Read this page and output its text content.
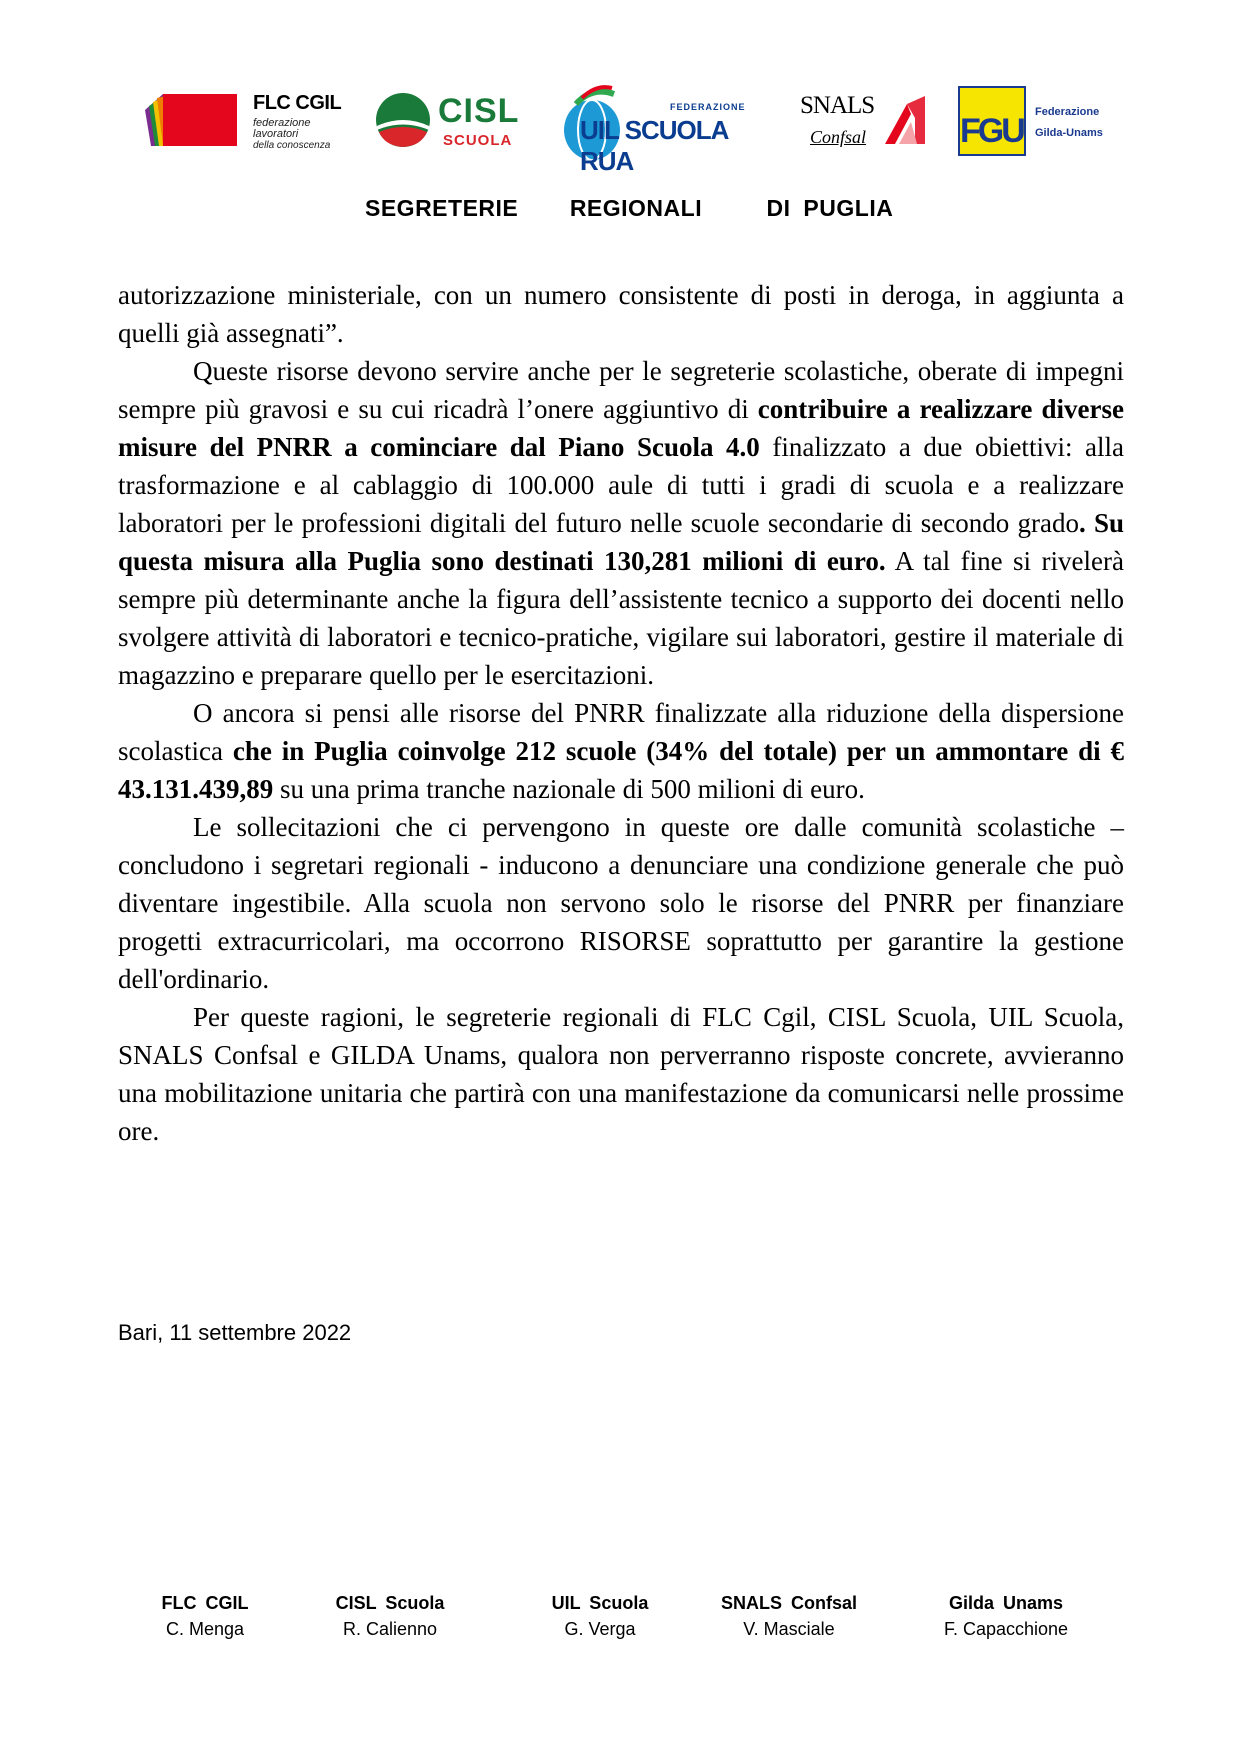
FLC CGIL
federazione
lavoratori
della conoscenza
CISL
SCUOLA
FEDERAZIONE
UIL SCUOLA RUA
SNALS
Confsal	FGU Federazione
Gilda-Unams
SEGRETERIE    REGIONALI     DI PUGLIA

autorizzazione ministeriale, con un numero consistente di posti in deroga, in aggiunta a quelli già assegnati”.

Queste risorse devono servire anche per le segreterie scolastiche, oberate di impegni sempre più gravosi e su cui ricadrà l’onere aggiuntivo di contribuire a realizzare diverse misure del PNRR a cominciare dal Piano Scuola 4.0 finalizzato a due obiettivi: alla trasformazione e al cablaggio di 100.000 aule di tutti i gradi di scuola e a realizzare laboratori per le professioni digitali del futuro nelle scuole secondarie di secondo grado. Su questa misura alla Puglia sono destinati 130,281 milioni di euro. A tal fine si rivelerà sempre più determinante anche la figura dell’assistente tecnico a supporto dei docenti nello svolgere attività di laboratori e tecnico-pratiche, vigilare sui laboratori, gestire il materiale di magazzino e preparare quello per le esercitazioni.

O ancora si pensi alle risorse del PNRR finalizzate alla riduzione della dispersione scolastica che in Puglia coinvolge 212 scuole (34% del totale) per un ammontare di € 43.131.439,89 su una prima tranche nazionale di 500 milioni di euro.

Le sollecitazioni che ci pervengono in queste ore dalle comunità scolastiche – concludono i segretari regionali - inducono a denunciare una condizione generale che può diventare ingestibile. Alla scuola non servono solo le risorse del PNRR per finanziare progetti extracurricolari, ma occorrono RISORSE soprattutto per garantire la gestione dell'ordinario.

Per queste ragioni, le segreterie regionali di FLC Cgil, CISL Scuola, UIL Scuola, SNALS Confsal e GILDA Unams, qualora non perverranno risposte concrete, avvieranno una mobilitazione unitaria che partirà con una manifestazione da comunicarsi nelle prossime ore.

Bari, 11 settembre 2022
FLC CGIL
C. Menga
CISL Scuola
R. Calienno
UIL Scuola
G. Verga
SNALS Confsal
V. Masciale
Gilda Unams
F. Capacchione
